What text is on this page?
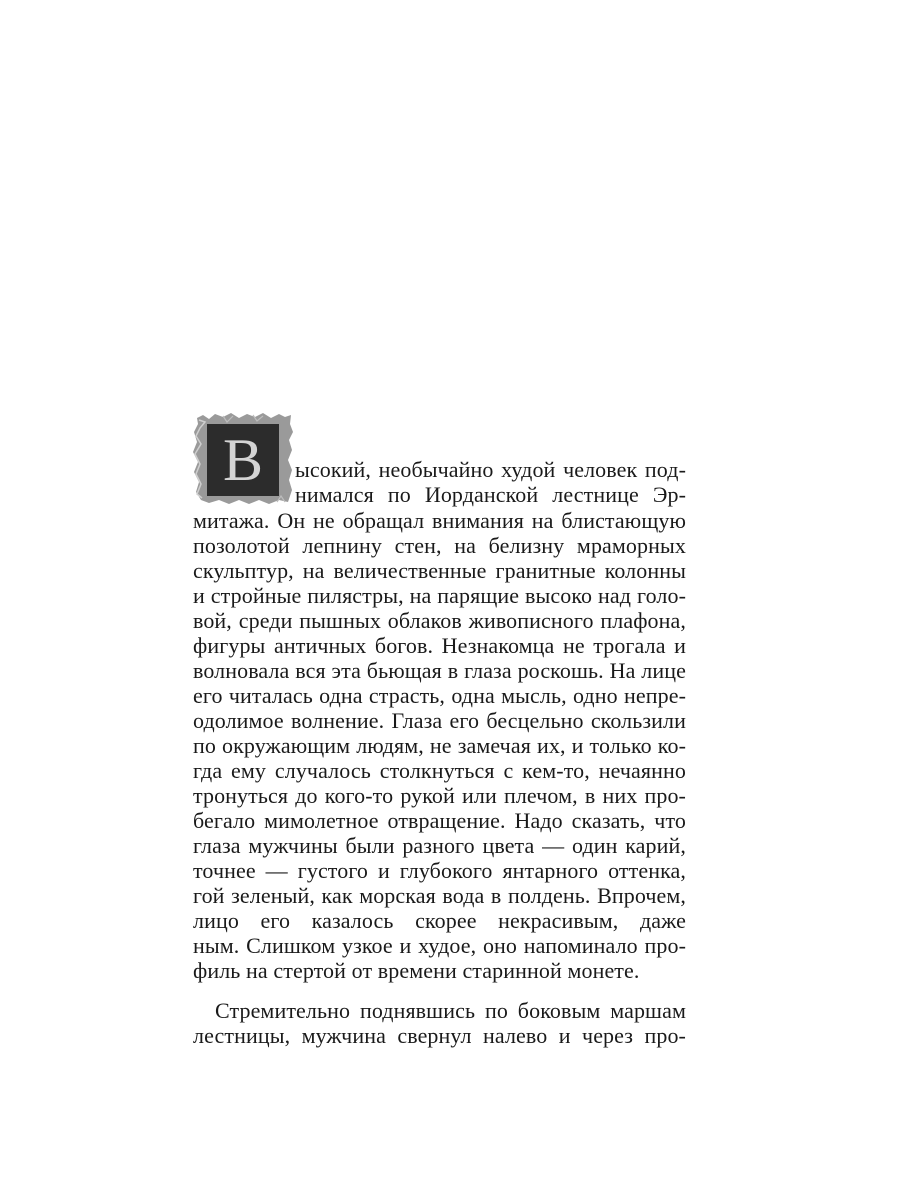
В	ысокий, необычайно худой человек под-
нимался по Иорданской лестнице Эр-
митажа. Он не обращал внимания на блистающую
позолотой лепнину стен, на белизну мраморных
скульптур, на величественные гранитные колонны
и стройные пилястры, на парящие высоко над голо-
вой, среди пышных облаков живописного плафона,
фигуры античных богов. Незнакомца не трогала и
волновала вся эта бьющая в глаза роскошь. На лице
его читалась одна страсть, одна мысль, одно непре-
одолимое волнение. Глаза его бесцельно скользили
по окружающим людям, не замечая их, и только ко-
гда ему случалось столкнуться с кем-то, нечаянно
тронуться до кого-то рукой или плечом, в них про-
бегало мимолетное отвращение. Надо сказать, что
глаза мужчины были разного цвета — один карий,
точнее — густого и глубокого янтарного оттенка,
гой зеленый, как морская вода в полдень. Впрочем,
лицо его казалось скорее некрасивым, даже
ным. Слишком узкое и худое, оно напоминало про-
филь на стертой от времени старинной монете.
Стремительно поднявшись по боковым маршам
лестницы, мужчина свернул налево и через про-
